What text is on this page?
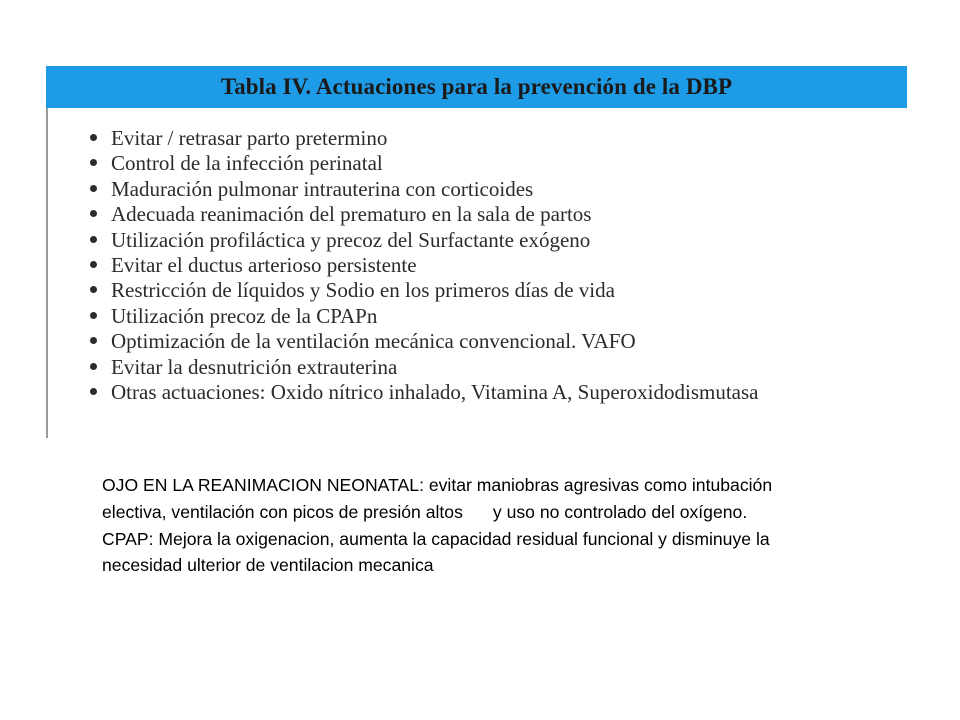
Tabla IV. Actuaciones para la prevención de la DBP
Evitar / retrasar parto pretermino
Control de la infección perinatal
Maduración pulmonar intrauterina con corticoides
Adecuada reanimación del prematuro en la sala de partos
Utilización profiláctica y precoz del Surfactante exógeno
Evitar el ductus arterioso persistente
Restricción de líquidos y Sodio en los primeros días de vida
Utilización precoz de la CPAPn
Optimización de la ventilación mecánica convencional. VAFO
Evitar la desnutrición extrauterina
Otras actuaciones: Oxido nítrico inhalado, Vitamina A, Superoxidodismutasa

OJO EN LA REANIMACION NEONATAL: evitar maniobras agresivas como intubación electiva, ventilación con picos de presión altos y uso no controlado del oxígeno.

CPAP: Mejora la oxigenacion, aumenta la capacidad residual funcional y disminuye la necesidad ulterior de ventilacion mecanica
